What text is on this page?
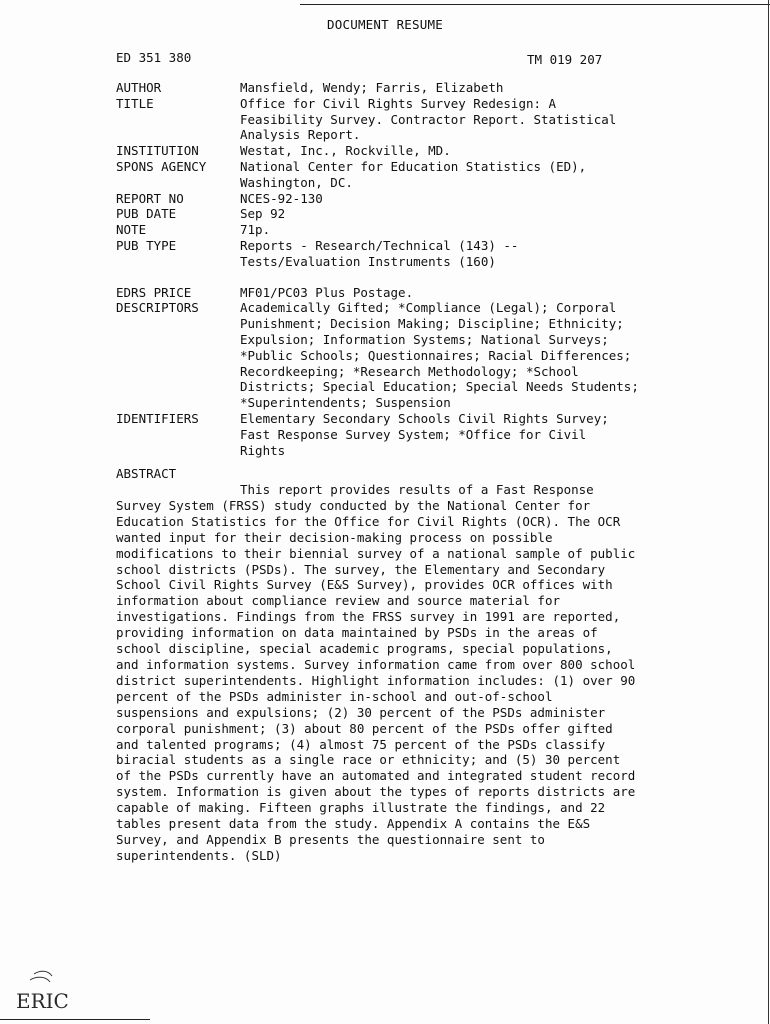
DOCUMENT RESUME
ED 351 380	TM 019 207
AUTHOR	Mansfield, Wendy; Farris, Elizabeth
TITLE	Office for Civil Rights Survey Redesign: A
Feasibility Survey. Contractor Report. Statistical
Analysis Report.
INSTITUTION	Westat, Inc., Rockville, MD.
SPONS AGENCY	National Center for Education Statistics (ED),
Washington, DC.
REPORT NO	NCES-92-130
PUB DATE	Sep 92
NOTE	71p.
PUB TYPE	Reports - Research/Technical (143) --
Tests/Evaluation Instruments (160)
EDRS PRICE	MF01/PC03 Plus Postage.
DESCRIPTORS	Academically Gifted; *Compliance (Legal); Corporal
Punishment; Decision Making; Discipline; Ethnicity;
Expulsion; Information Systems; National Surveys;
*Public Schools; Questionnaires; Racial Differences;
Recordkeeping; *Research Methodology; *School
Districts; Special Education; Special Needs Students;
*Superintendents; Suspension
IDENTIFIERS	Elementary Secondary Schools Civil Rights Survey;
Fast Response Survey System; *Office for Civil
Rights
ABSTRACT
This report provides results of a Fast Response
Survey System (FRSS) study conducted by the National Center for
Education Statistics for the Office for Civil Rights (OCR). The OCR
wanted input for their decision-making process on possible
modifications to their biennial survey of a national sample of public
school districts (PSDs). The survey, the Elementary and Secondary
School Civil Rights Survey (E&S Survey), provides OCR offices with
information about compliance review and source material for
investigations. Findings from the FRSS survey in 1991 are reported,
providing information on data maintained by PSDs in the areas of
school discipline, special academic programs, special populations,
and information systems. Survey information came from over 800 school
district superintendents. Highlight information includes: (1) over 90
percent of the PSDs administer in-school and out-of-school
suspensions and expulsions; (2) 30 percent of the PSDs administer
corporal punishment; (3) about 80 percent of the PSDs offer gifted
and talented programs; (4) almost 75 percent of the PSDs classify
biracial students as a single race or ethnicity; and (5) 30 percent
of the PSDs currently have an automated and integrated student record
system. Information is given about the types of reports districts are
capable of making. Fifteen graphs illustrate the findings, and 22
tables present data from the study. Appendix A contains the E&S
Survey, and Appendix B presents the questionnaire sent to
superintendents. (SLD)
ERIC
